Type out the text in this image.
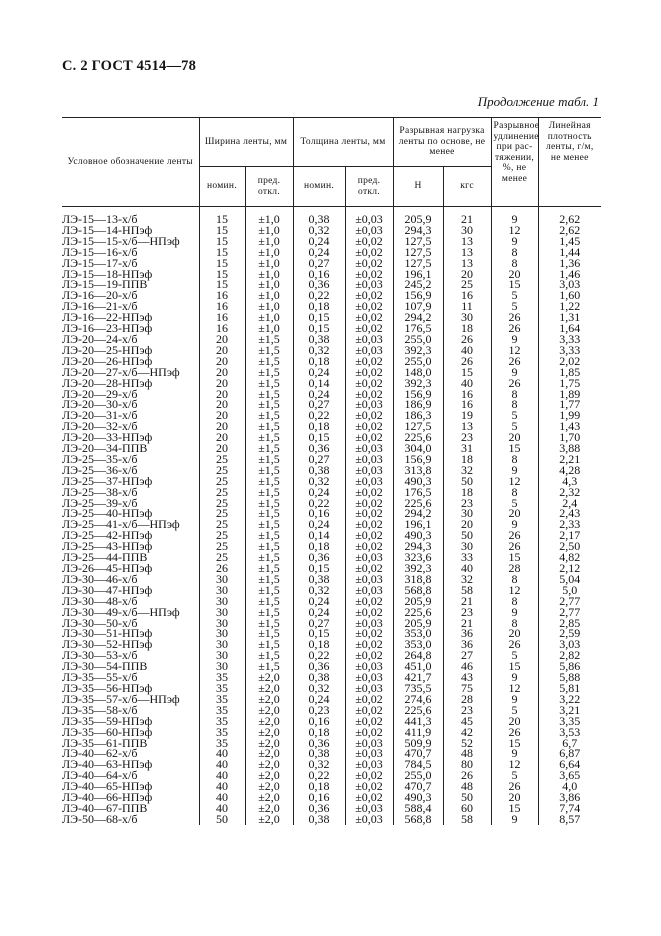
С. 2 ГОСТ 4514—78
Продолжение табл. 1
Условное обозначение ленты	Ширина ленты, мм		Толщина ленты, мм		Разрывная нагрузка ленты по основе, не менее		Разрывное удлинение при рас-тяжении, %, не менее	Линейная плотность ленты, г/м, не менее
	номин.	пред. откл.	номин.	пред. откл.	Н	кгс		

ЛЭ-15—13-х/б	15	±1,0	0,38	±0,03	205,9	21	9	2,62
ЛЭ-15—14-НПэф	15	±1,0	0,32	±0,03	294,3	30	12	2,62
ЛЭ-15—15-х/б—НПэф	15	±1,0	0,24	±0,02	127,5	13	9	1,45
ЛЭ-15—16-х/б	15	±1,0	0,24	±0,02	127,5	13	8	1,44
ЛЭ-15—17-х/б	15	±1,0	0,27	±0,02	127,5	13	8	1,36
ЛЭ-15—18-НПэф	15	±1,0	0,16	±0,02	196,1	20	20	1,46
ЛЭ-15—19-ППВ	15	±1,0	0,36	±0,03	245,2	25	15	3,03
ЛЭ-16—20-х/б	16	±1,0	0,22	±0,02	156,9	16	5	1,60
ЛЭ-16—21-х/б	16	±1,0	0,18	±0,02	107,9	11	5	1,22
ЛЭ-16—22-НПэф	16	±1,0	0,15	±0,02	294,2	30	26	1,31
ЛЭ-16—23-НПэф	16	±1,0	0,15	±0,02	176,5	18	26	1,64
ЛЭ-20—24-х/б	20	±1,5	0,38	±0,03	255,0	26	9	3,33
ЛЭ-20—25-НПэф	20	±1,5	0,32	±0,03	392,3	40	12	3,33
ЛЭ-20—26-НПэф	20	±1,5	0,18	±0,02	255,0	26	26	2,02
ЛЭ-20—27-х/б—НПэф	20	±1,5	0,24	±0,02	148,0	15	9	1,85
ЛЭ-20—28-НПэф	20	±1,5	0,14	±0,02	392,3	40	26	1,75
ЛЭ-20—29-х/б	20	±1,5	0,24	±0,02	156,9	16	8	1,89
ЛЭ-20—30-х/б	20	±1,5	0,27	±0,03	186,9	16	8	1,77
ЛЭ-20—31-х/б	20	±1,5	0,22	±0,02	186,3	19	5	1,99
ЛЭ-20—32-х/б	20	±1,5	0,18	±0,02	127,5	13	5	1,43
ЛЭ-20—33-НПэф	20	±1,5	0,15	±0,02	225,6	23	20	1,70
ЛЭ-20—34-ППВ	20	±1,5	0,36	±0,03	304,0	31	15	3,88
ЛЭ-25—35-х/б	25	±1,5	0,27	±0,03	156,9	18	8	2,21
ЛЭ-25—36-х/б	25	±1,5	0,38	±0,03	313,8	32	9	4,28
ЛЭ-25—37-НПэф	25	±1,5	0,32	±0,03	490,3	50	12	4,3
ЛЭ-25—38-х/б	25	±1,5	0,24	±0,02	176,5	18	8	2,32
ЛЭ-25—39-х/б	25	±1,5	0,22	±0,02	225,6	23	5	2,4
ЛЭ-25—40-НПэф	25	±1,5	0,16	±0,02	294,2	30	20	2,43
ЛЭ-25—41-х/б—НПэф	25	±1,5	0,24	±0,02	196,1	20	9	2,33
ЛЭ-25—42-НПэф	25	±1,5	0,14	±0,02	490,3	50	26	2,17
ЛЭ-25—43-НПэф	25	±1,5	0,18	±0,02	294,3	30	26	2,50
ЛЭ-25—44-ППВ	25	±1,5	0,36	±0,03	323,6	33	15	4,82
ЛЭ-26—45-НПэф	26	±1,5	0,15	±0,02	392,3	40	28	2,12
ЛЭ-30—46-х/б	30	±1,5	0,38	±0,03	318,8	32	8	5,04
ЛЭ-30—47-НПэф	30	±1,5	0,32	±0,03	568,8	58	12	5,0
ЛЭ-30—48-х/б	30	±1,5	0,24	±0,02	205,9	21	8	2,77
ЛЭ-30—49-х/б—НПэф	30	±1,5	0,24	±0,02	225,6	23	9	2,77
ЛЭ-30—50-х/б	30	±1,5	0,27	±0,03	205,9	21	8	2,85
ЛЭ-30—51-НПэф	30	±1,5	0,15	±0,02	353,0	36	20	2,59
ЛЭ-30—52-НПэф	30	±1,5	0,18	±0,02	353,0	36	26	3,03
ЛЭ-30—53-х/б	30	±1,5	0,22	±0,02	264,8	27	5	2,82
ЛЭ-30—54-ППВ	30	±1,5	0,36	±0,03	451,0	46	15	5,86
ЛЭ-35—55-х/б	35	±2,0	0,38	±0,03	421,7	43	9	5,88
ЛЭ-35—56-НПэф	35	±2,0	0,32	±0,03	735,5	75	12	5,81
ЛЭ-35—57-х/б—НПэф	35	±2,0	0,24	±0,02	274,6	28	9	3,22
ЛЭ-35—58-х/б	35	±2,0	0,23	±0,02	225,6	23	5	3,21
ЛЭ-35—59-НПэф	35	±2,0	0,16	±0,02	441,3	45	20	3,35
ЛЭ-35—60-НПэф	35	±2,0	0,18	±0,02	411,9	42	26	3,53
ЛЭ-35—61-ППВ	35	±2,0	0,36	±0,03	509,9	52	15	6,7
ЛЭ-40—62-х/б	40	±2,0	0,38	±0,03	470,7	48	9	6,87
ЛЭ-40—63-НПэф	40	±2,0	0,32	±0,03	784,5	80	12	6,64
ЛЭ-40—64-х/б	40	±2,0	0,22	±0,02	255,0	26	5	3,65
ЛЭ-40—65-НПэф	40	±2,0	0,18	±0,02	470,7	48	26	4,0
ЛЭ-40—66-НПэф	40	±2,0	0,16	±0,02	490,3	50	20	3,86
ЛЭ-40—67-ППВ	40	±2,0	0,36	±0,03	588,4	60	15	7,74
ЛЭ-50—68-х/б	50	±2,0	0,38	±0,03	568,8	58	9	8,57
